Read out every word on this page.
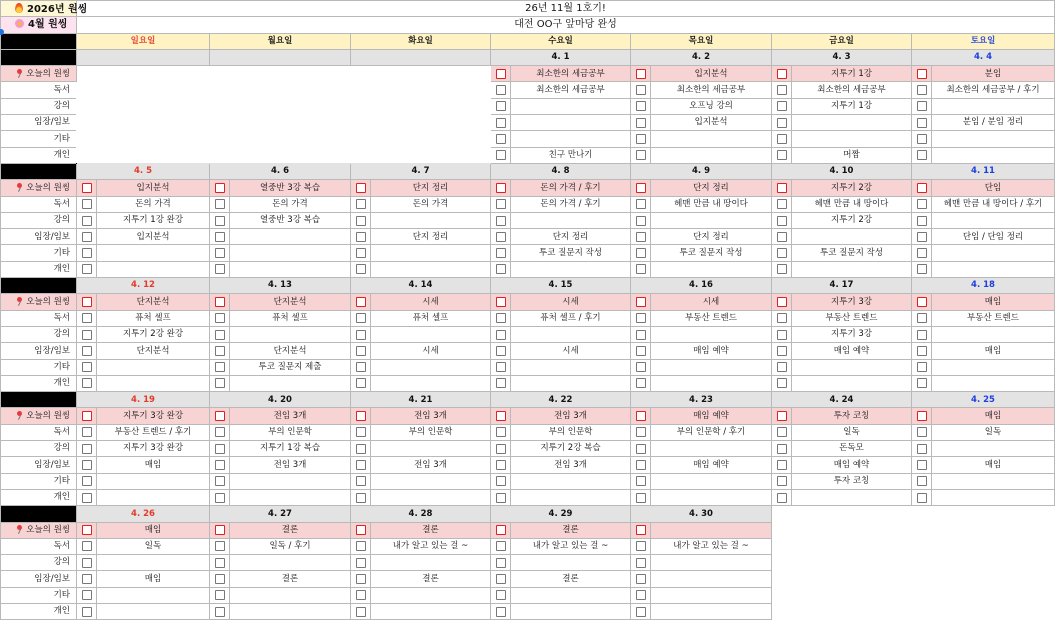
2026년 원씽	26년 11월 1호기!													

4월 원씽	대전 OO구 앞마당 완성													
	일요일		월요일		화요일		수요일		목요일		금요일		토요일	
							4. 1		4. 2		4. 3		4. 4	
오늘의 원씽								최소한의 세금공부		입지분석		지투기 1강		분임
독서								최소한의 세금공부		최소한의 세금공부		최소한의 세금공부		최소한의 세금공부 / 후기
강의										오프닝 강의		지투기 1강		
임장/임보										입지분석				분임 / 분임 정리
기타														
개인								친구 만나기				머짬		
	4. 5		4. 6		4. 7		4. 8		4. 9		4. 10		4. 11	
오늘의 원씽		입지분석		열중반 3강 복습		단지 정리		돈의 가격 / 후기		단지 정리		지투기 2강		단임
독서		돈의 가격		돈의 가격		돈의 가격		돈의 가격 / 후기		헤맨 만큼 내 땅이다		헤맨 만큼 내 땅이다		헤맨 만큼 내 땅이다 / 후기
강의		지투기 1강 완강		열중반 3강 복습								지투기 2강		
임장/임보		입지분석				단지 정리		단지 정리		단지 정리				단임 / 단임 정리
기타								투코 질문지 작성		투코 질문지 작성		투코 질문지 작성		
개인														
	4. 12		4. 13		4. 14		4. 15		4. 16		4. 17		4. 18	
오늘의 원씽		단지분석		단지분석		시세		시세		시세		지투기 3강		매임
독서		퓨처 셀프		퓨처 셀프		퓨처 셀프		퓨처 셀프 / 후기		부동산 트렌드		부동산 트렌드		부동산 트렌드
강의		지투기 2강 완강										지투기 3강		
임장/임보		단지분석		단지분석		시세		시세		매임 예약		매임 예약		매임
기타				투코 질문지 제출										
개인														
	4. 19		4. 20		4. 21		4. 22		4. 23		4. 24		4. 25	
오늘의 원씽		지투기 3강 완강		전임 3개		전임 3개		전임 3개		매임 예약		투자 코칭		매임
독서		부동산 트렌드 / 후기		부의 인문학		부의 인문학		부의 인문학		부의 인문학 / 후기		일독		일독
강의		지투기 3강 완강		지투기 1강 복습				지투기 2강 복습				돈독모		
임장/임보		매임		전임 3개		전임 3개		전임 3개		매임 예약		매임 예약		매임
기타												투자 코칭		
개인														
	4. 26		4. 27		4. 28		4. 29		4. 30					
오늘의 원씽		매임		결론		결론		결론						
독서		일독		일독 / 후기		내가 알고 있는 걸 ~		내가 알고 있는 걸 ~		내가 알고 있는 걸 ~				
강의														
임장/임보		매임		결론		결론		결론						
기타														
개인														
